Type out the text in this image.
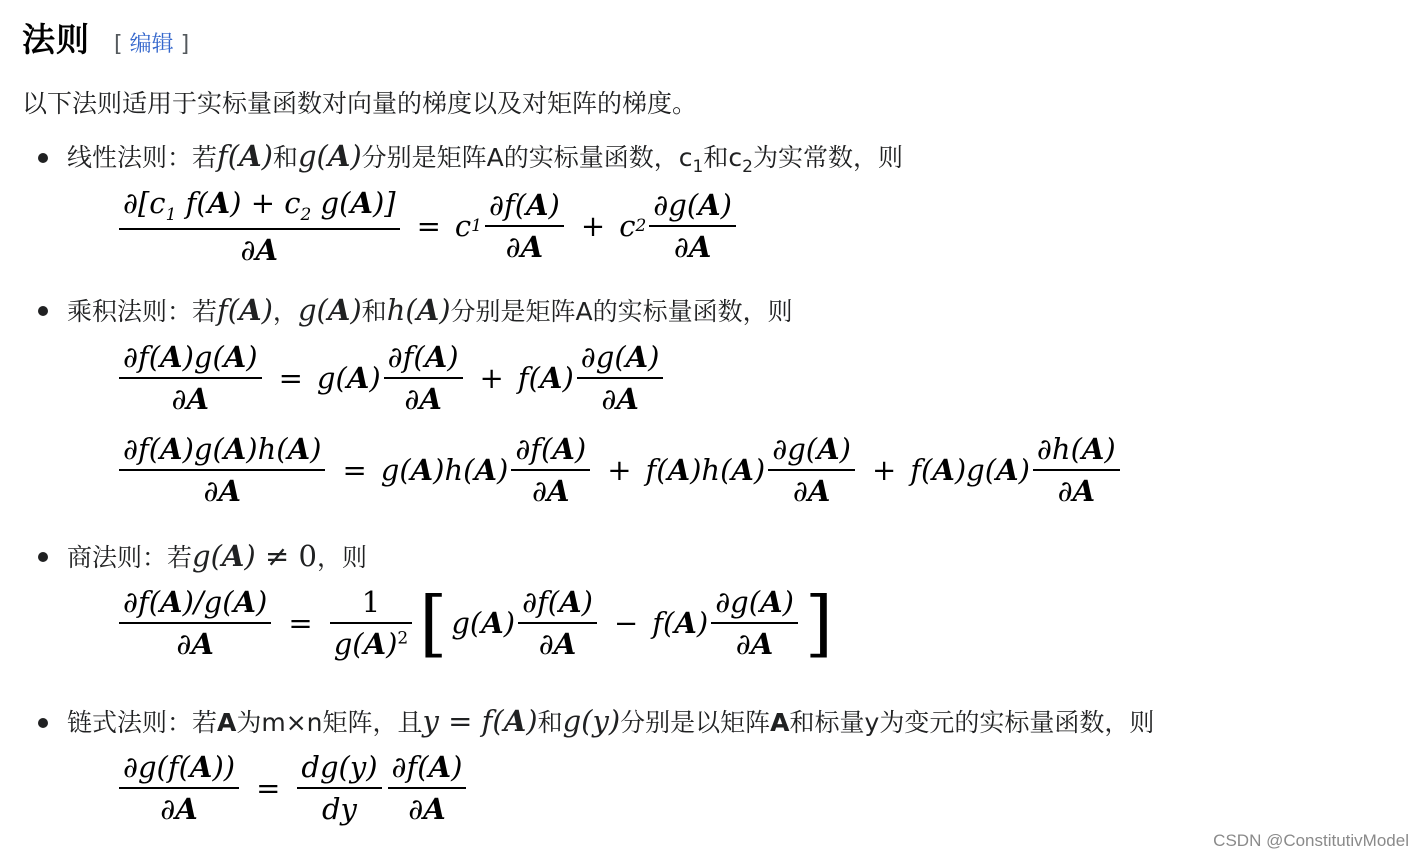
法则 [ 编辑 ]
以下法则适用于实标量函数对向量的梯度以及对矩阵的梯度。
线性法则：若f(A)和g(A)分别是矩阵A的实标量函数，$c_1$和$c_2$为实常数，则
$\frac{\partial[c_1 f(A) + c_2 g(A)]}{\partial A} = c$ $1 \frac{\partial f(A)}{\partial A} + c$ $2 \frac{\partial g(A)}{\partial A}$
乘积法则：若f(A)，g(A)和h(A)分别是矩阵A的实标量函数，则
$\frac{\partial f(A)g(A)}{\partial A} = g$( A ) $\frac{\partial f(A)}{\partial A} + f$( A ) $\frac{\partial g(A)}{\partial A}$
$\frac{\partial f(A)g(A)h(A)}{\partial A} = g$( A )h( A ) $\frac{\partial f(A)}{\partial A} + f$( A )h( A ) $\frac{\partial g(A)}{\partial A} + f$( A )g( A ) $\frac{\partial h(A)}{\partial A}$
商法则：若g(A) ≠ 0，则
$\frac{\partial f(A)/g(A)}{\partial A} = \frac{1}{g(A)^2}$ [ g( A ) $\frac{\partial f(A)}{\partial A} - f$( A ) $\frac{\partial g(A)}{\partial A}$ ]
链式法则：若A为m×n矩阵，且y = f(A)和g(y)分别是以矩阵A和标量y为变元的实标量函数，则
$\frac{\partial g(f(A))}{\partial A} = \frac{dg(y)}{dy} \frac{\partial f(A)}{\partial A}$
CSDN @ConstitutivModel
